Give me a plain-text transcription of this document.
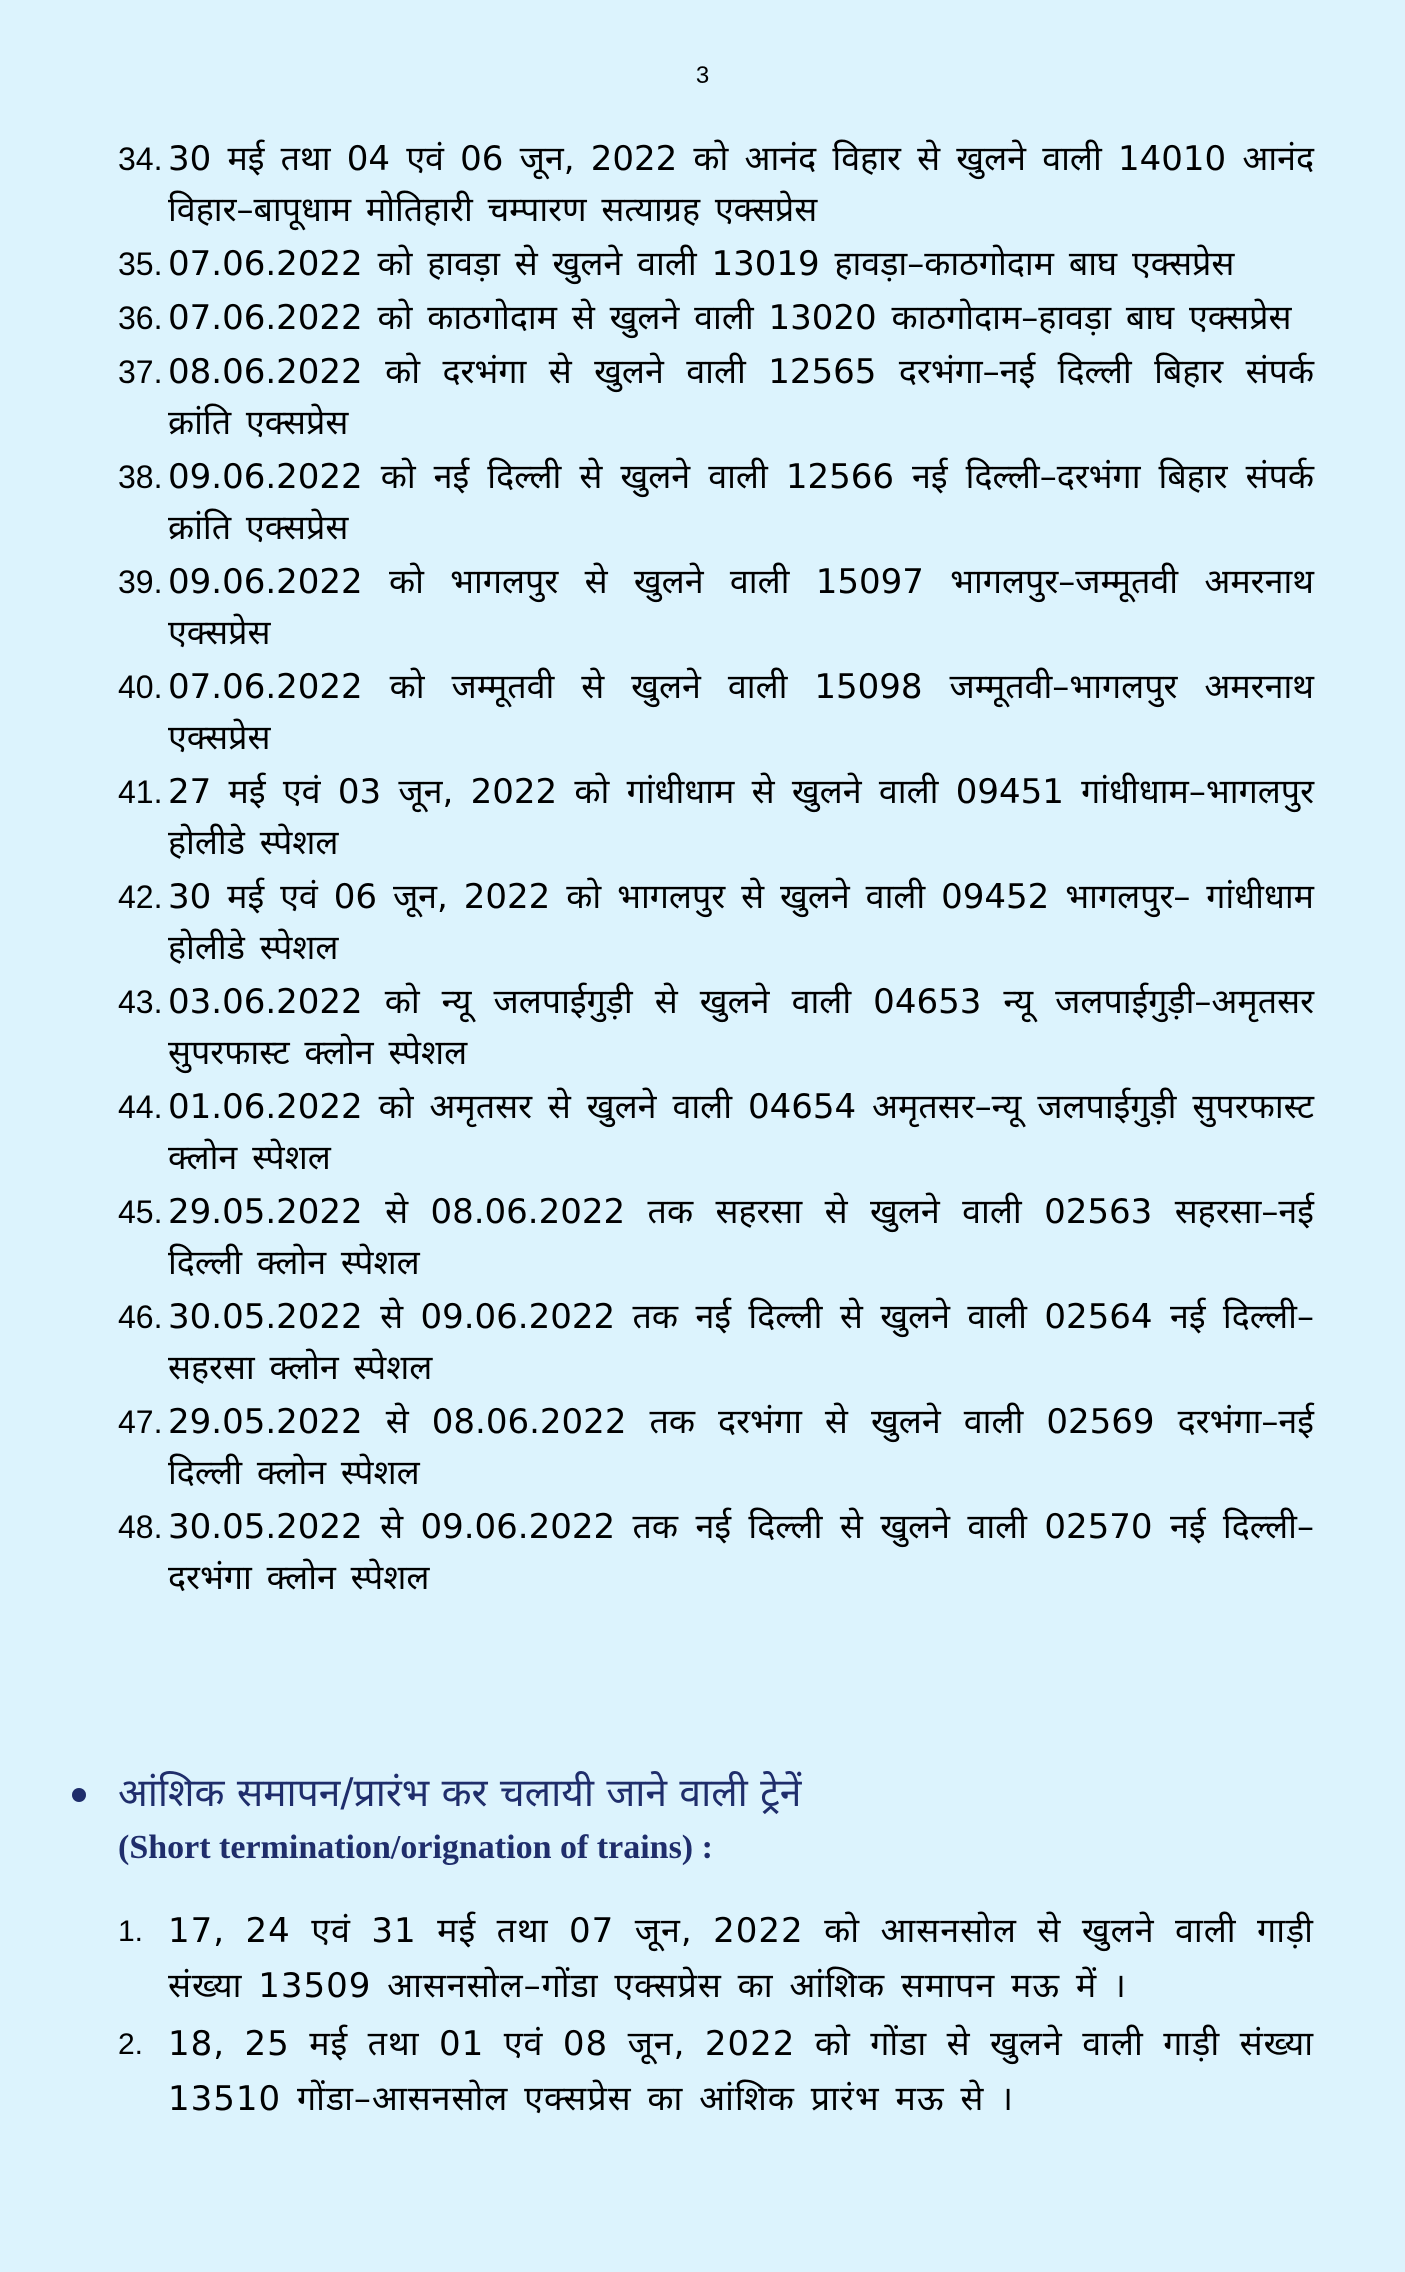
3
34. 30 मई तथा 04 एवं 06 जून, 2022 को आनंद विहार से खुलने वाली 14010 आनंद विहार–बापूधाम मोतिहारी चम्पारण सत्याग्रह एक्सप्रेस
35. 07.06.2022 को हावड़ा से खुलने वाली 13019 हावड़ा–काठगोदाम बाघ एक्सप्रेस
36. 07.06.2022 को काठगोदाम से खुलने वाली 13020 काठगोदाम–हावड़ा बाघ एक्सप्रेस
37. 08.06.2022 को दरभंगा से खुलने वाली 12565 दरभंगा–नई दिल्ली बिहार संपर्क क्रांति एक्सप्रेस
38. 09.06.2022 को नई दिल्ली से खुलने वाली 12566 नई दिल्ली–दरभंगा बिहार संपर्क क्रांति एक्सप्रेस
39. 09.06.2022 को भागलपुर से खुलने वाली 15097 भागलपुर–जम्मूतवी अमरनाथ एक्सप्रेस
40. 07.06.2022 को जम्मूतवी से खुलने वाली 15098 जम्मूतवी–भागलपुर अमरनाथ एक्सप्रेस
41. 27 मई एवं 03 जून, 2022 को गांधीधाम से खुलने वाली 09451 गांधीधाम–भागलपुर होलीडे स्पेशल
42. 30 मई एवं 06 जून, 2022 को भागलपुर से खुलने वाली 09452 भागलपुर– गांधीधाम होलीडे स्पेशल
43. 03.06.2022 को न्यू जलपाईगुड़ी से खुलने वाली 04653 न्यू जलपाईगुड़ी–अमृतसर सुपरफास्ट क्लोन स्पेशल
44. 01.06.2022 को अमृतसर से खुलने वाली 04654 अमृतसर–न्यू जलपाईगुड़ी सुपरफास्ट क्लोन स्पेशल
45. 29.05.2022 से 08.06.2022 तक सहरसा से खुलने वाली 02563 सहरसा–नई दिल्ली क्लोन स्पेशल
46. 30.05.2022 से 09.06.2022 तक नई दिल्ली से खुलने वाली 02564 नई दिल्ली–सहरसा क्लोन स्पेशल
47. 29.05.2022 से 08.06.2022 तक दरभंगा से खुलने वाली 02569 दरभंगा–नई दिल्ली क्लोन स्पेशल
48. 30.05.2022 से 09.06.2022 तक नई दिल्ली से खुलने वाली 02570 नई दिल्ली–दरभंगा क्लोन स्पेशल
आंशिक समापन/प्रारंभ कर चलायी जाने वाली ट्रेनें
(Short termination/orignation of trains) :
1. 17, 24 एवं 31 मई तथा 07 जून, 2022 को आसनसोल से खुलने वाली गाड़ी संख्या 13509 आसनसोल–गोंडा एक्सप्रेस का आंशिक समापन मऊ में ।
2. 18, 25 मई तथा 01 एवं 08 जून, 2022 को गोंडा से खुलने वाली गाड़ी संख्या 13510 गोंडा–आसनसोल एक्सप्रेस का आंशिक प्रारंभ मऊ से ।
